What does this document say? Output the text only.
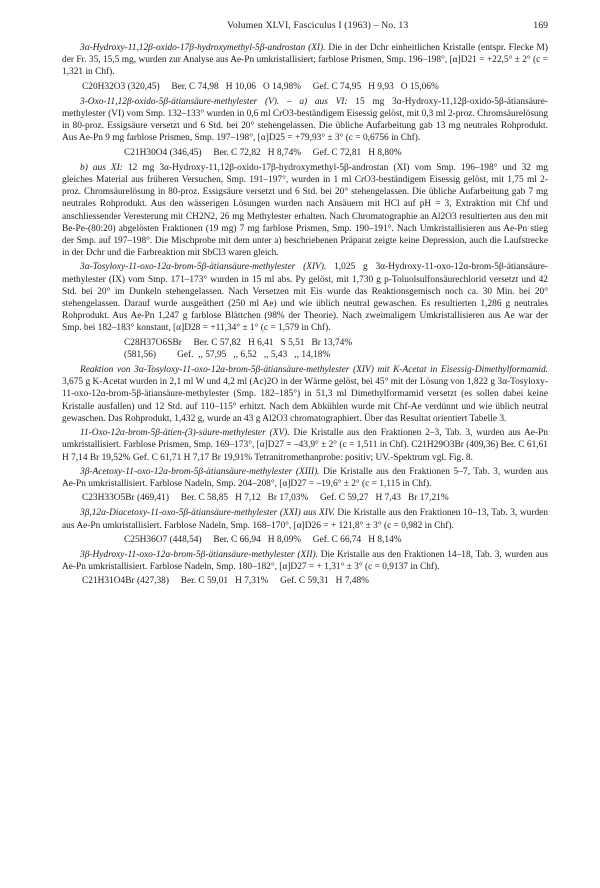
Volumen XLVI, Fasciculus I (1963) – No. 13	169
3α-Hydroxy-11,12β-oxido-17β-hydroxymethyl-5β-androstan (XI). Die in der Dchr einheitlichen Kristalle (entspr. Flecke M) der Fr. 35, 15,5 mg, wurden zur Analyse aus Ae-Pn umkristallisiert; farblose Prismen, Smp. 196–198°, [α]D21 = +22,5° ± 2° (c = 1,321 in Chf).
C20H32O3 (320,45)     Ber. C 74,98   H 10,06   O 14,98%     Gef. C 74,95   H 9,93   O 15,06%
3-Oxo-11,12β-oxido-5β-ätiansäure-methylester (V). – a) aus VI: 15 mg 3α-Hydroxy-11,12β-oxido-5β-ätiansäure-methylester (VI) vom Smp. 132–133° wurden in 0,6 ml CrO3-beständigem Eisessig gelöst, mit 0,3 ml 2-proz. Chromsäurelösung in 80-proz. Essigsäure versetzt und 6 Std. bei 20° stehengelassen. Die übliche Aufarbeitung gab 13 mg neutrales Rohprodukt. Aus Ae-Pn 9 mg farblose Prismen, Smp. 197–198°, [α]D25 = +79,93° ± 3° (c = 0,6756 in Chf).
C21H30O4 (346,45)     Ber. C 72,82   H 8,74%     Gef. C 72,81   H 8,80%
b) aus XI: 12 mg 3α-Hydroxy-11,12β-oxido-17β-hydroxymethyl-5β-androstan (XI) vom Smp. 196–198° und 32 mg gleiches Material aus früheren Versuchen, Smp. 191–197°, wurden in 1 ml CrO3-beständigem Eisessig gelöst, mit 1,75 ml 2-proz. Chromsäurelösung in 80-proz. Essigsäure versetzt und 6 Std. bei 20° stehengelassen. Die übliche Aufarbeitung gab 7 mg neutrales Rohprodukt. Aus den wässerigen Lösungen wurden nach Ansäuern mit HCl auf pH = 3, Extraktion mit Chf und anschliessender Veresterung mit CH2N2, 26 mg Methylester erhalten. Nach Chromatographie an Al2O3 resultierten aus den mit Be-Pe-(80:20) abgelösten Fraktionen (19 mg) 7 mg farblose Prismen, Smp. 190–191°. Nach Umkristallisieren aus Ae-Pn stieg der Smp. auf 197–198°. Die Mischprobe mit dem unter a) beschriebenen Präparat zeigte keine Depression, auch die Laufstrecke in der Dchr und die Farbreaktion mit SbCl3 waren gleich.
3α-Tosyloxy-11-oxo-12α-brom-5β-ätiansäure-methylester (XIV). 1,025 g 3α-Hydroxy-11-oxo-12α-brom-5β-ätiansäure-methylester (IX) vom Smp. 171–173° wurden in 15 ml abs. Py gelöst, mit 1,730 g p-Toluolsulfonsäurechlorid versetzt und 42 Std. bei 20° im Dunkeln stehengelassen. Nach Versetzen mit Eis wurde das Reaktionsgemisch noch ca. 30 Min. bei 20° stehengelassen. Darauf wurde ausgeäthert (250 ml Ae) und wie üblich neutral gewaschen. Es resultierten 1,286 g neutrales Rohprodukt. Aus Ae-Pn 1,247 g farblose Blättchen (98% der Theorie). Nach zweimaligem Umkristallisieren aus Ae war der Smp. bei 182–183° konstant, [α]D28 = +11,34° ± 1° (c = 1,579 in Chf).
C28H37O6SBr     Ber. C 57,82   H 6,41   S 5,51   Br 13,74%
(581,56)         Gef.  ,, 57,95   ,, 6,52   ,, 5,43   ,, 14,18%
Reaktion von 3α-Tosyloxy-11-oxo-12α-brom-5β-ätiansäure-methylester (XIV) mit K-Acetat in Eisessig-Dimethylformamid. 3,675 g K-Acetat wurden in 2,1 ml W und 4,2 ml (Ac)2O in der Wärme gelöst, bei 45° mit der Lösung von 1,822 g 3α-Tosyloxy-11-oxo-12α-brom-5β-ätiansäure-methylester (Smp. 182–185°) in 51,3 ml Dimethylformamid versetzt (es sollen dabei keine Kristalle ausfallen) und 12 Std. auf 110–115° erhitzt. Nach dem Abkühlen wurde mit Chf-Ae verdünnt und wie üblich neutral gewaschen. Das Rohprodukt, 1,432 g, wurde an 43 g Al2O3 chromatographiert. Über das Resultat orientiert Tabelle 3.
11-Oxo-12α-brom-5β-ätien-(3)-säure-methylester (XV). Die Kristalle aus den Fraktionen 2–3, Tab. 3, wurden aus Ae-Pn umkristallisiert. Farblose Prismen, Smp. 169–173°, [α]D27 = –43,9° ± 2° (c = 1,511 in Chf). C21H29O3Br (409,36) Ber. C 61,61 H 7,14 Br 19,52% Gef. C 61,71 H 7,17 Br 19,91% Tetranitromethanprobe: positiv; UV.-Spektrum vgl. Fig. 8.
3β-Acetoxy-11-oxo-12α-brom-5β-ätiansäure-methylester (XIII). Die Kristalle aus den Fraktionen 5–7, Tab. 3, wurden aus Ae-Pn umkristallisiert. Farblose Nadeln, Smp. 204–208°, [α]D27 = –19,6° ± 2° (c = 1,115 in Chf).
C23H33O5Br (469,41)     Ber. C 58,85   H 7,12   Br 17,03%     Gef. C 59,27   H 7,43   Br 17,21%
3β,12α-Diacetoxy-11-oxo-5β-ätiansäure-methylester (XXI) aus XIV. Die Kristalle aus den Fraktionen 10–13, Tab. 3, wurden aus Ae-Pn umkristallisiert. Farblose Nadeln, Smp. 168–170°, [α]D26 = + 121,8° ± 3° (c = 0,982 in Chf).
C25H36O7 (448,54)     Ber. C 66,94   H 8,09%     Gef. C 66,74   H 8,14%
3β-Hydroxy-11-oxo-12α-brom-5β-ätiansäure-methylester (XII). Die Kristalle aus den Fraktionen 14–18, Tab. 3, wurden aus Ae-Pn umkristallisiert. Farblose Nadeln, Smp. 180–182°, [α]D27 = + 1,31° ± 3° (c = 0,9137 in Chf).
C21H31O4Br (427,38)     Ber. C 59,01   H 7,31%     Gef. C 59,31   H 7,48%
